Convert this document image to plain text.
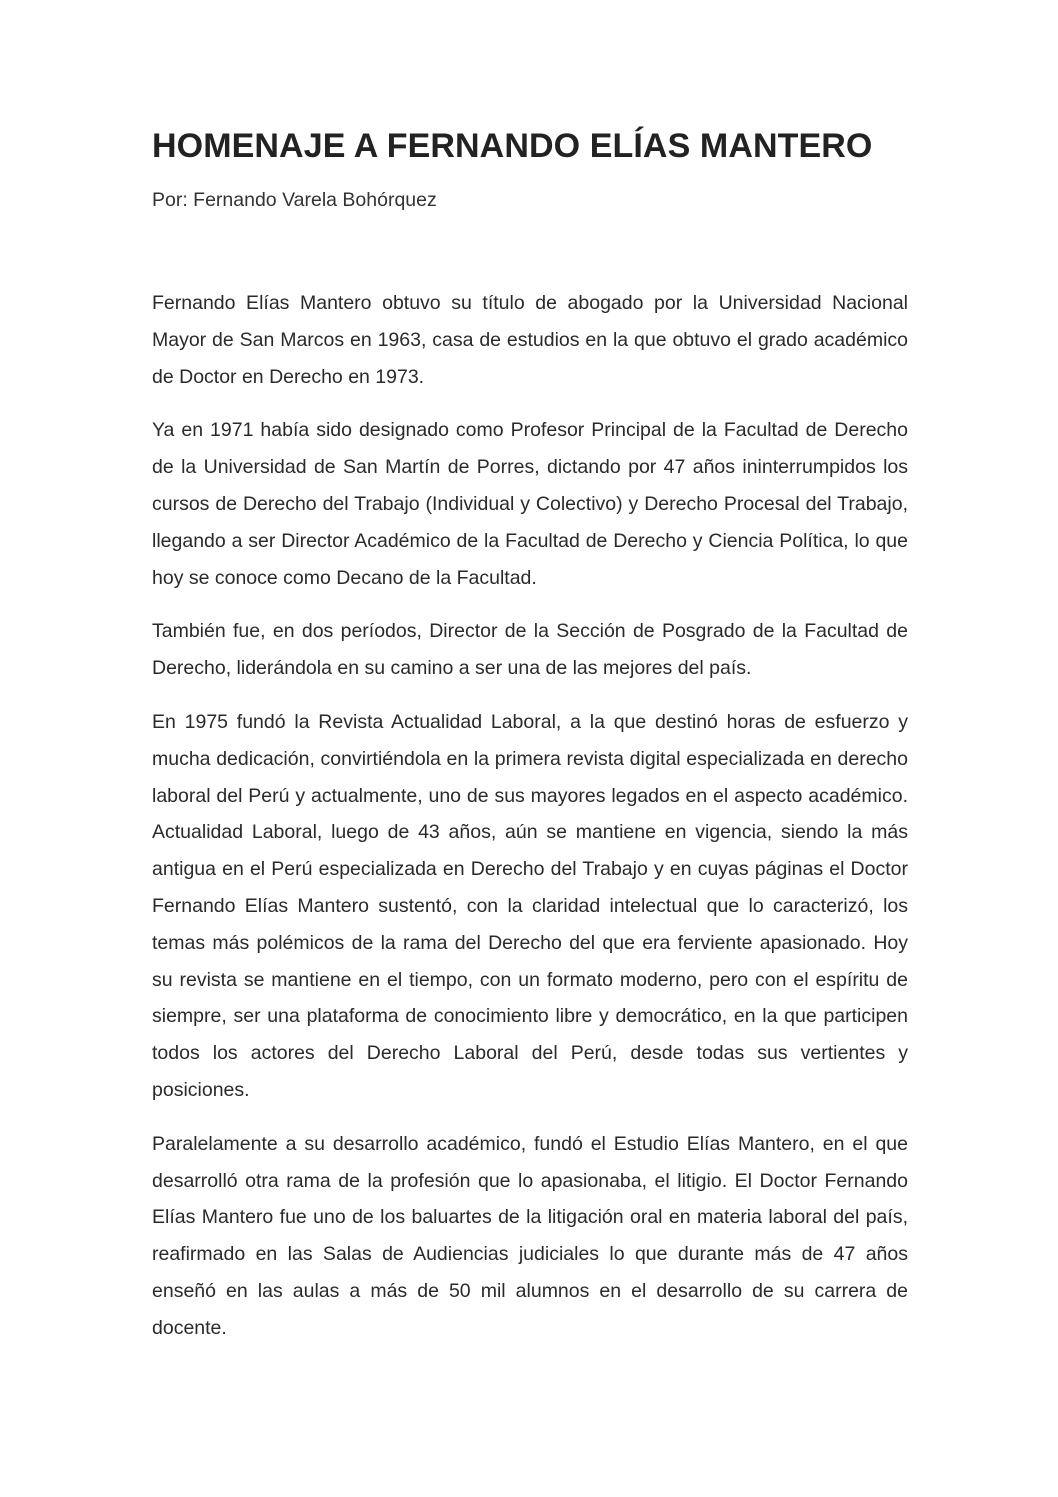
HOMENAJE A FERNANDO ELÍAS MANTERO

Por: Fernando Varela Bohórquez

Fernando Elías Mantero obtuvo su título de abogado por la Universidad Nacional Mayor de San Marcos en 1963, casa de estudios en la que obtuvo el grado académico de Doctor en Derecho en 1973.

Ya en 1971 había sido designado como Profesor Principal de la Facultad de Derecho de la Universidad de San Martín de Porres, dictando por 47 años ininterrumpidos los cursos de Derecho del Trabajo (Individual y Colectivo) y Derecho Procesal del Trabajo, llegando a ser Director Académico de la Facultad de Derecho y Ciencia Política, lo que hoy se conoce como Decano de la Facultad.

También fue, en dos períodos, Director de la Sección de Posgrado de la Facultad de Derecho, liderándola en su camino a ser una de las mejores del país.

En 1975 fundó la Revista Actualidad Laboral, a la que destinó horas de esfuerzo y mucha dedicación, convirtiéndola en la primera revista digital especializada en derecho laboral del Perú y actualmente, uno de sus mayores legados en el aspecto académico. Actualidad Laboral, luego de 43 años, aún se mantiene en vigencia, siendo la más antigua en el Perú especializada en Derecho del Trabajo y en cuyas páginas el Doctor Fernando Elías Mantero sustentó, con la claridad intelectual que lo caracterizó, los temas más polémicos de la rama del Derecho del que era ferviente apasionado. Hoy su revista se mantiene en el tiempo, con un formato moderno, pero con el espíritu de siempre, ser una plataforma de conocimiento libre y democrático, en la que participen todos los actores del Derecho Laboral del Perú, desde todas sus vertientes y posiciones.

Paralelamente a su desarrollo académico, fundó el Estudio Elías Mantero, en el que desarrolló otra rama de la profesión que lo apasionaba, el litigio. El Doctor Fernando Elías Mantero fue uno de los baluartes de la litigación oral en materia laboral del país, reafirmado en las Salas de Audiencias judiciales lo que durante más de 47 años enseñó en las aulas a más de 50 mil alumnos en el desarrollo de su carrera de docente.
